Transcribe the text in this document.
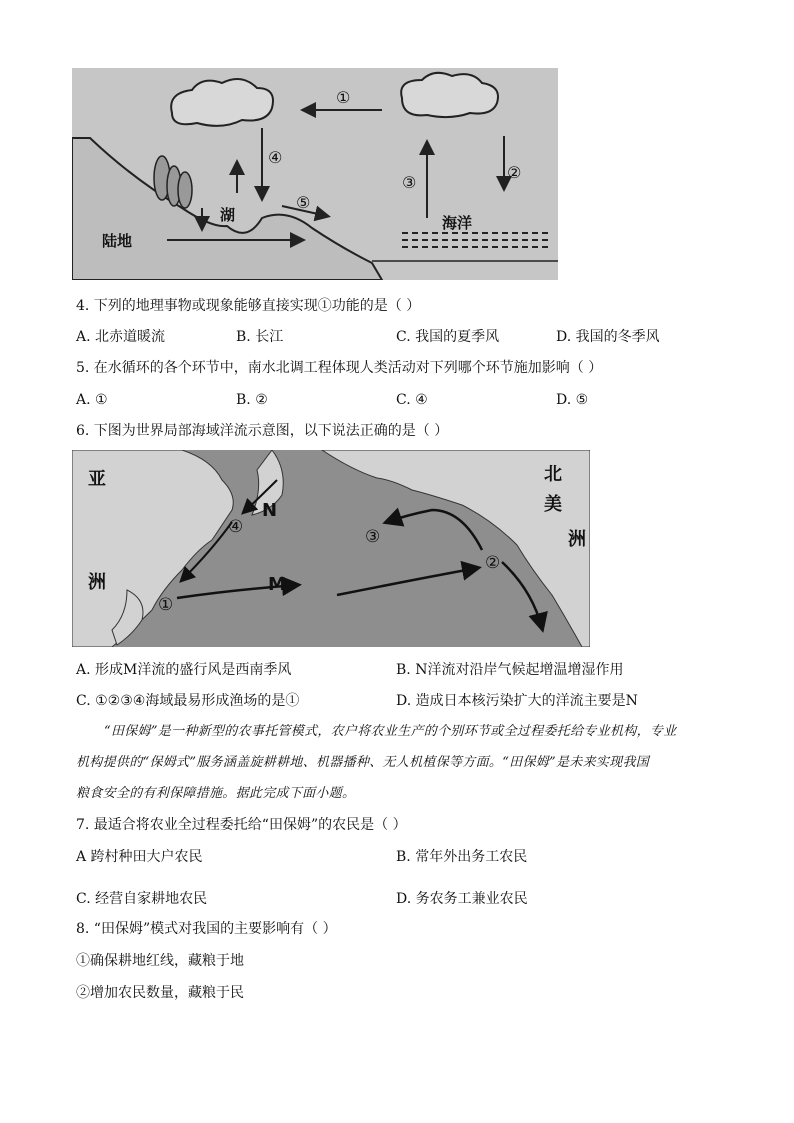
①
②
③
④
⑤
陆地
湖	海洋
4. 下列的地理事物或现象能够直接实现①功能的是（ ）
A. 北赤道暖流	B. 长江	C. 我国的夏季风	D. 我国的冬季风
5. 在水循环的各个环节中，南水北调工程体现人类活动对下列哪个环节施加影响（ ）
A. ①	B. ②	C. ④	D. ⑤
6. 下图为世界局部海域洋流示意图，以下说法正确的是（ ）
①
②
③
④
N
M
亚
洲
北
美
洲
A. 形成M洋流的盛行风是西南季风	B. N洋流对沿岸气候起增温增湿作用
C. ①②③④海域最易形成渔场的是①	D. 造成日本核污染扩大的洋流主要是N

“田保姆”是一种新型的农事托管模式，农户将农业生产的个别环节或全过程委托给专业机构，专业

机构提供的“保姆式”服务涵盖旋耕耕地、机器播种、无人机植保等方面。“田保姆”是未来实现我国

粮食安全的有利保障措施。据此完成下面小题。

7. 最适合将农业全过程委托给“田保姆”的农民是（ ）
A 跨村种田大户农民	B. 常年外出务工农民
C. 经营自家耕地农民	D. 务农务工兼业农民
8. “田保姆”模式对我国的主要影响有（ ）
①确保耕地红线，藏粮于地
②增加农民数量，藏粮于民
